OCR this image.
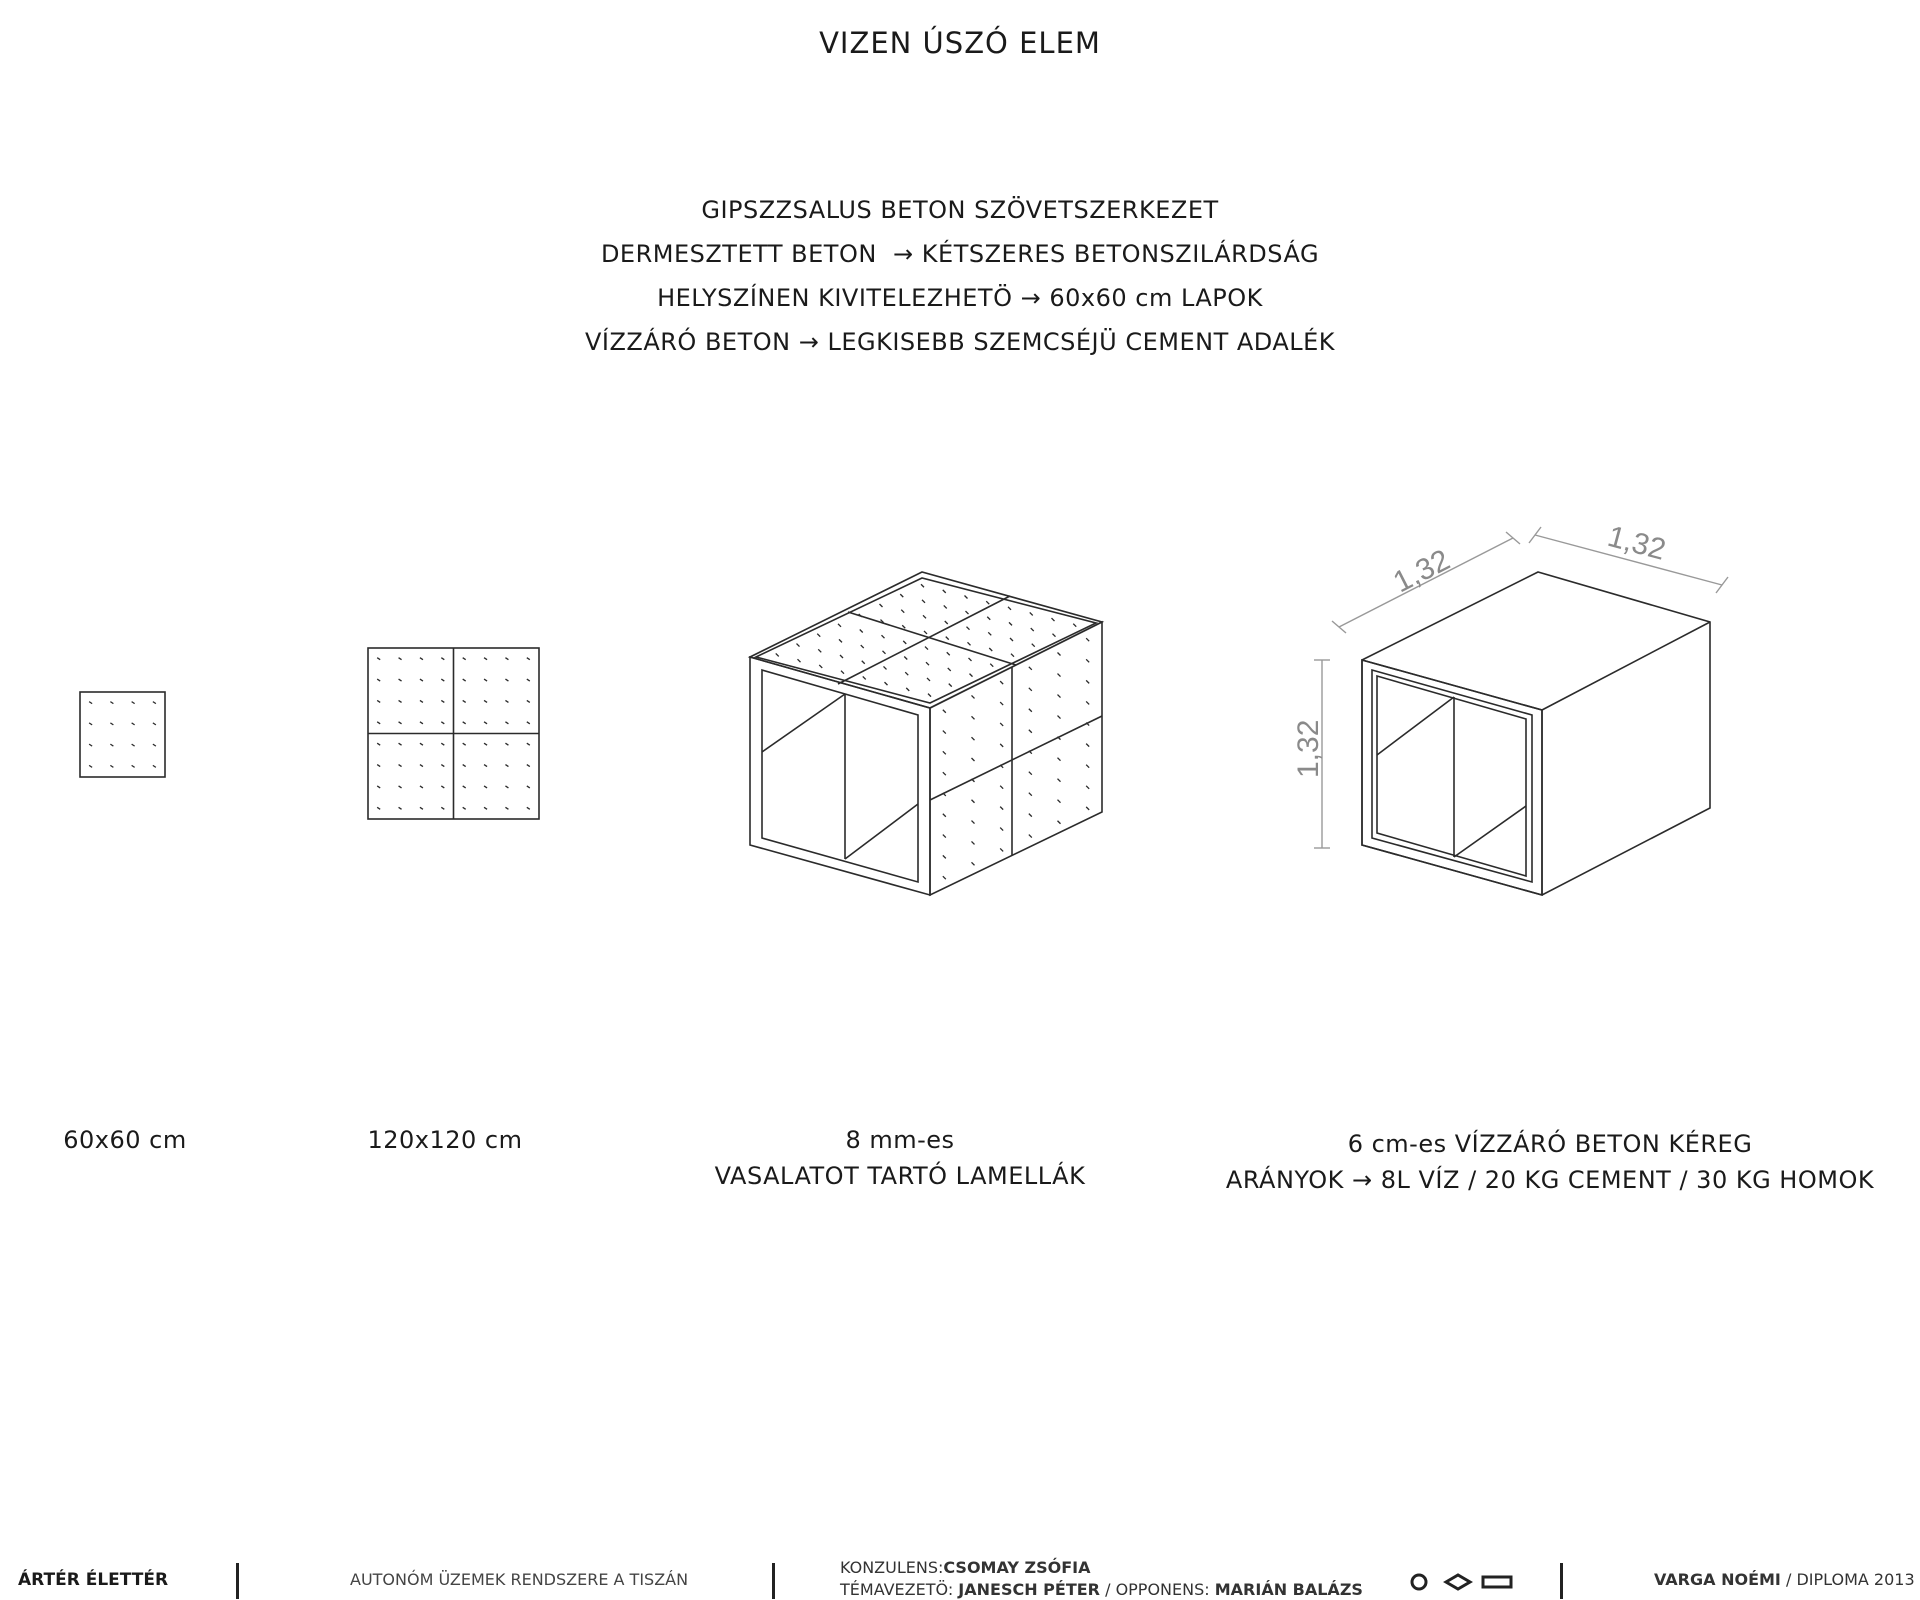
VIZEN ÚSZÓ ELEM
GIPSZZSALUS BETON SZÖVETSZERKEZET
DERMESZTETT BETON  → KÉTSZERES BETONSZILÁRDSÁG
HELYSZÍNEN KIVITELEZHETÖ → 60x60 cm LAPOK
VÍZZÁRÓ BETON → LEGKISEBB SZEMCSÉJÜ CEMENT ADALÉK
1,32	1,32
1,32
60x60 cm	120x120 cm	8 mm-es
VASALATOT TARTÓ LAMELLÁK
6 cm-es VÍZZÁRÓ BETON KÉREG
ARÁNYOK → 8L VÍZ / 20 KG CEMENT / 30 KG HOMOK
ÁRTÉR ÉLETTÉR	AUTONÓM ÜZEMEK RENDSZERE A TISZÁN
KONZULENS:CSOMAY ZSÓFIA
TÉMAVEZETÖ: JANESCH PÉTER / OPPONENS: MARIÁN BALÁZS
VARGA NOÉMI / DIPLOMA 2013
